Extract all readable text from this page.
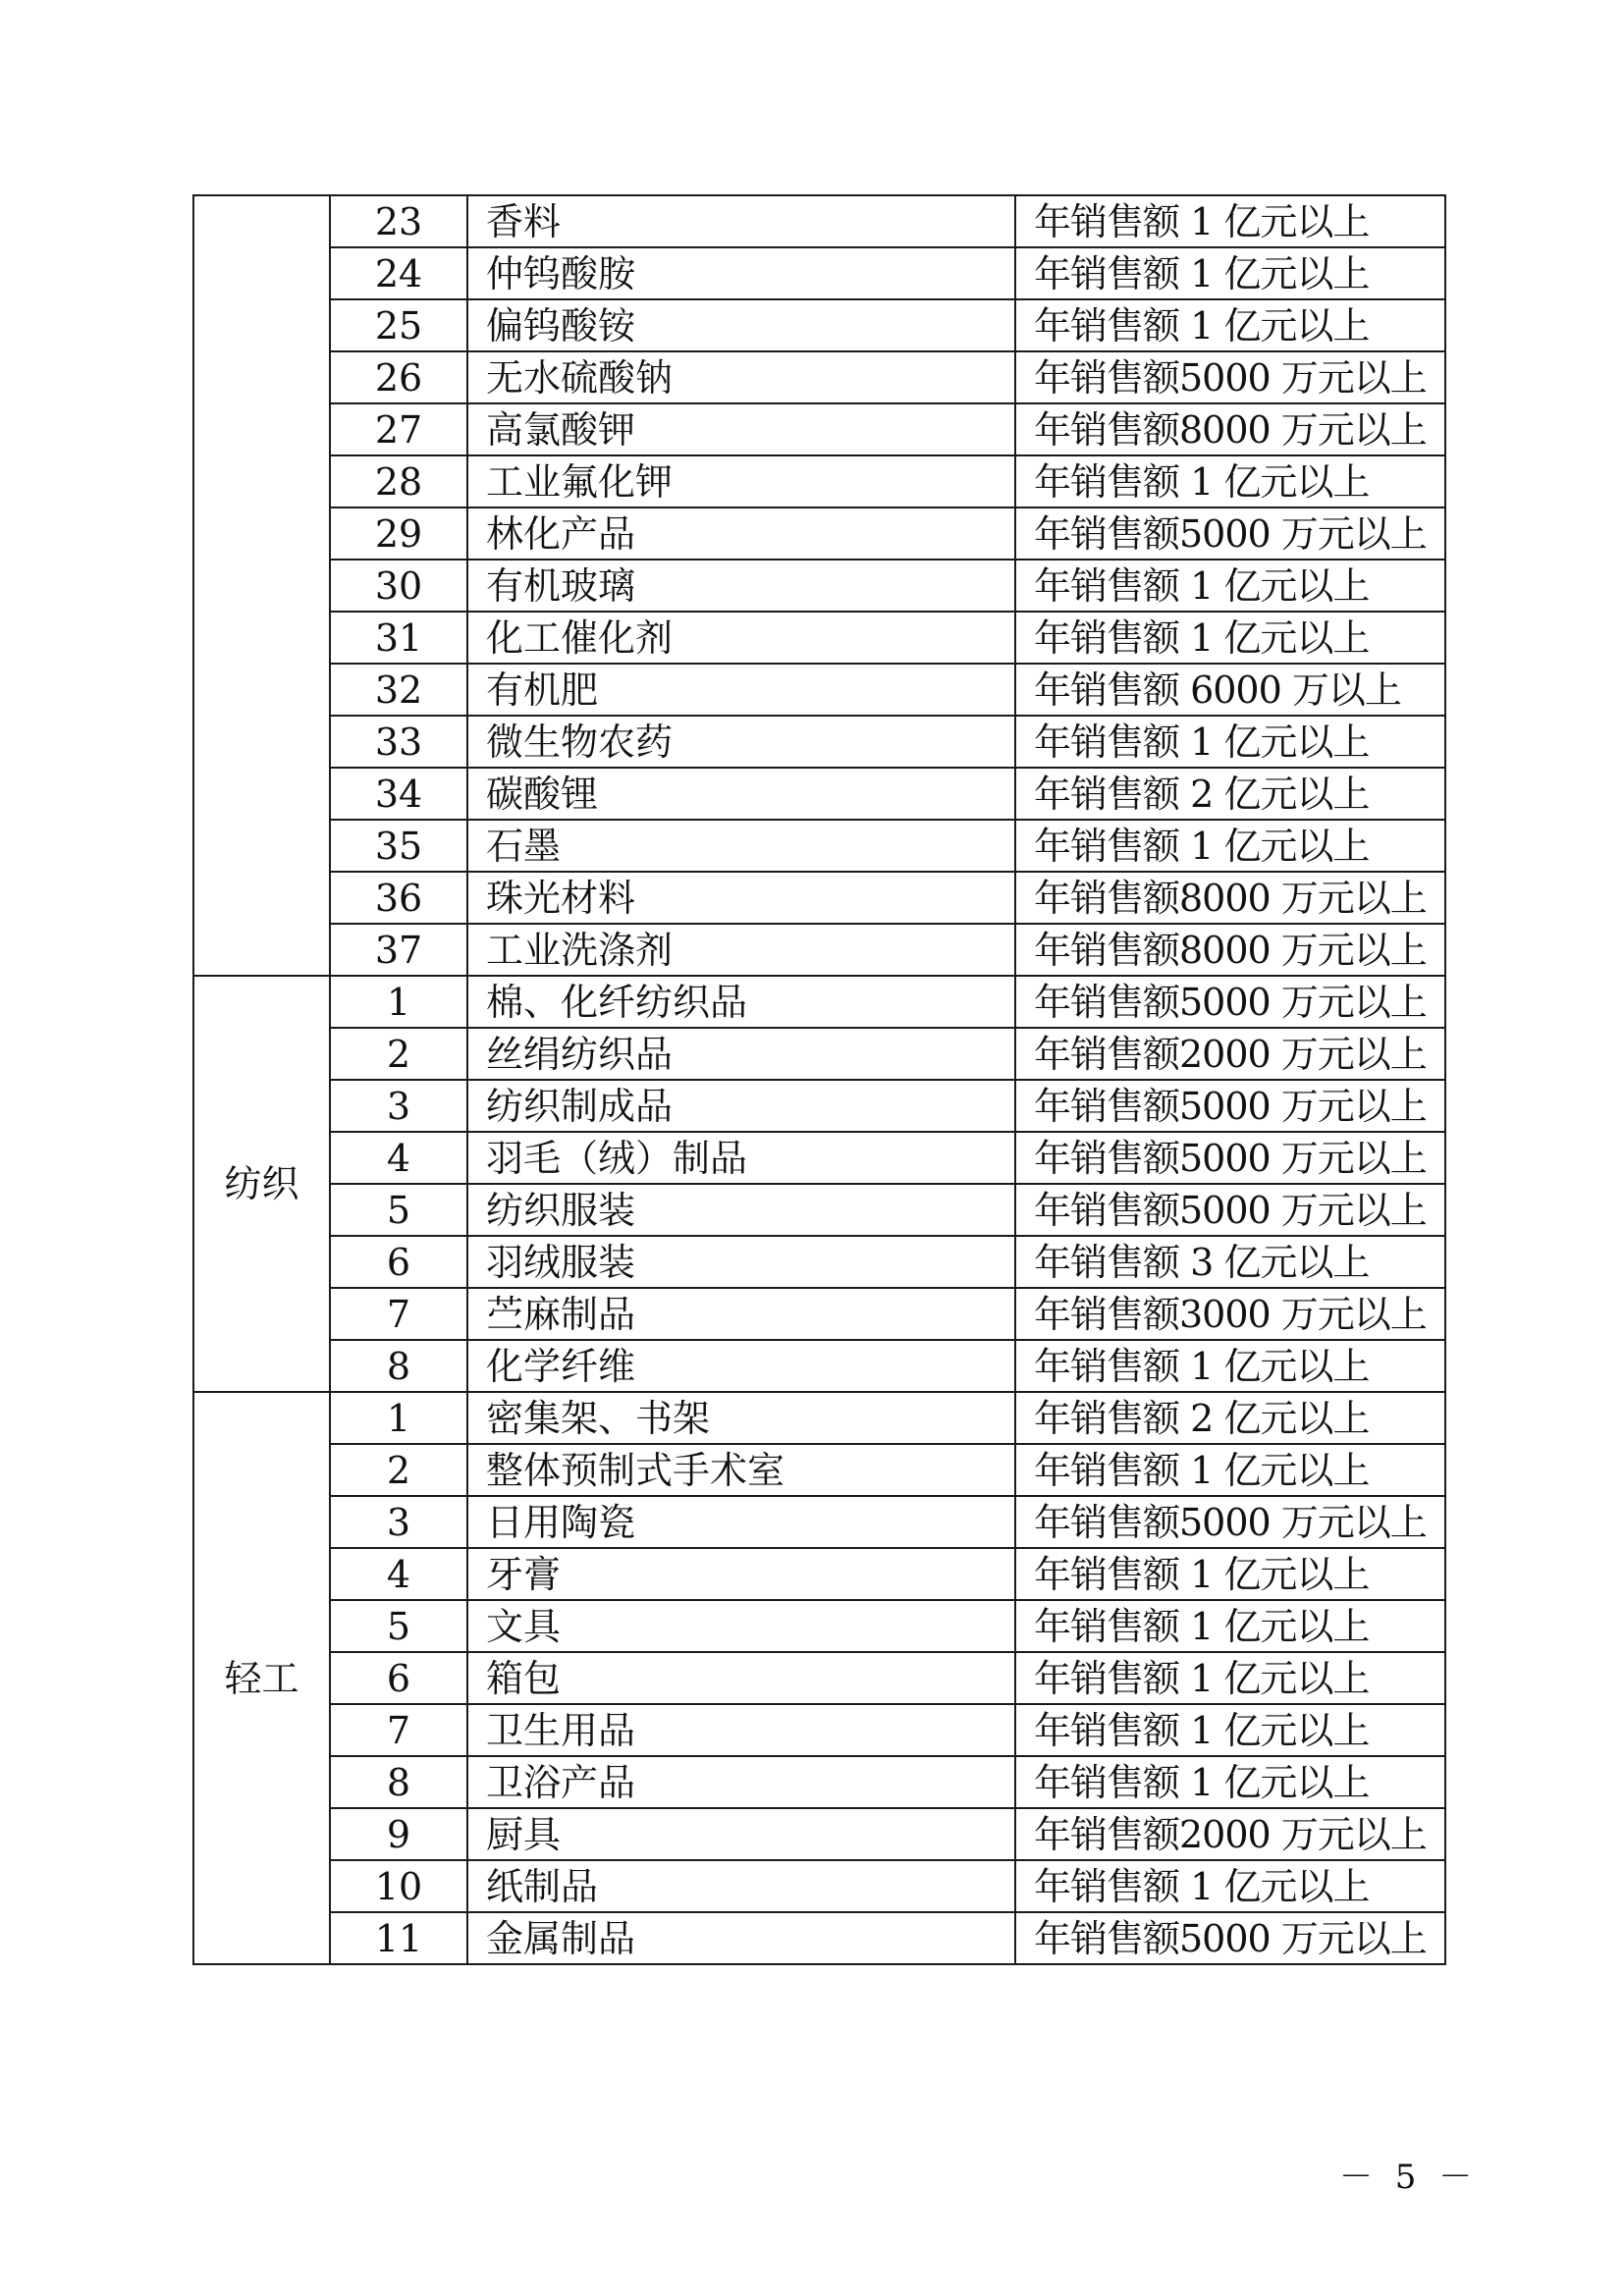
	23	香料	年销售额 1 亿元以上
	24	仲钨酸胺	年销售额 1 亿元以上
	25	偏钨酸铵	年销售额 1 亿元以上
	26	无水硫酸钠	年销售额5000 万元以上
	27	高氯酸钾	年销售额8000 万元以上
	28	工业氟化钾	年销售额 1 亿元以上
	29	林化产品	年销售额5000 万元以上
	30	有机玻璃	年销售额 1 亿元以上
	31	化工催化剂	年销售额 1 亿元以上
	32	有机肥	年销售额 6000 万以上
	33	微生物农药	年销售额 1 亿元以上
	34	碳酸锂	年销售额 2 亿元以上
	35	石墨	年销售额 1 亿元以上
	36	珠光材料	年销售额8000 万元以上
	37	工业洗涤剂	年销售额8000 万元以上
纺织	1	棉、化纤纺织品	年销售额5000 万元以上
	2	丝绢纺织品	年销售额2000 万元以上
	3	纺织制成品	年销售额5000 万元以上
	4	羽毛（绒）制品	年销售额5000 万元以上
	5	纺织服装	年销售额5000 万元以上
	6	羽绒服装	年销售额 3 亿元以上
	7	苎麻制品	年销售额3000 万元以上
	8	化学纤维	年销售额 1 亿元以上
轻工	1	密集架、书架	年销售额 2 亿元以上
	2	整体预制式手术室	年销售额 1 亿元以上
	3	日用陶瓷	年销售额5000 万元以上
	4	牙膏	年销售额 1 亿元以上
	5	文具	年销售额 1 亿元以上
	6	箱包	年销售额 1 亿元以上
	7	卫生用品	年销售额 1 亿元以上
	8	卫浴产品	年销售额 1 亿元以上
	9	厨具	年销售额2000 万元以上
	10	纸制品	年销售额 1 亿元以上
	11	金属制品	年销售额5000 万元以上
－ 5 －
